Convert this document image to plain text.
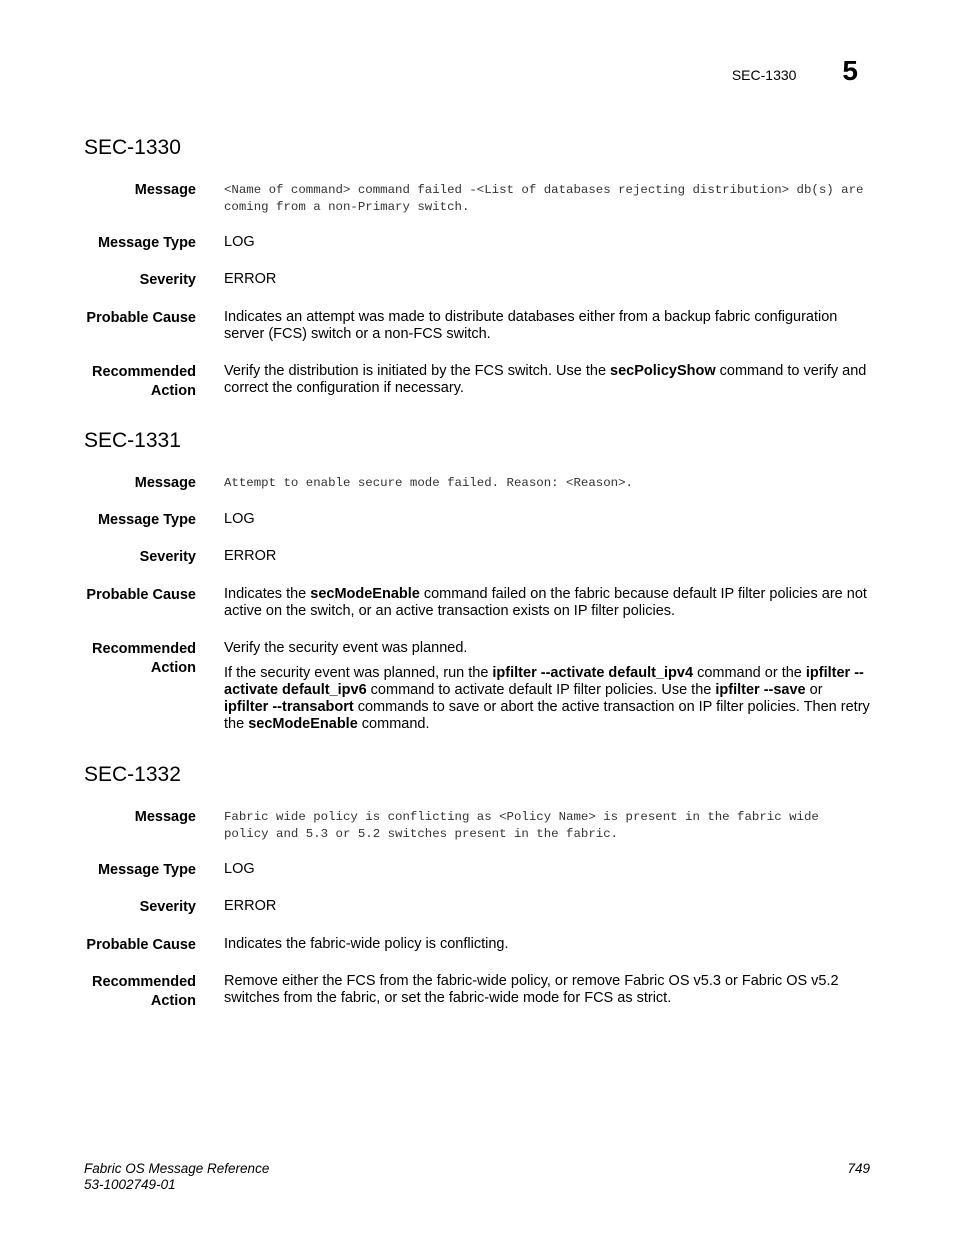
SEC-1330 5
SEC-1330
Message <Name of command> command failed -<List of databases rejecting distribution> db(s) are coming from a non-Primary switch.
Message Type LOG
Severity ERROR
Probable Cause Indicates an attempt was made to distribute databases either from a backup fabric configuration server (FCS) switch or a non-FCS switch.
Recommended
Action
Verify the distribution is initiated by the FCS switch. Use the secPolicyShow command to verify and correct the configuration if necessary.
SEC-1331
Message Attempt to enable secure mode failed. Reason: <Reason>.
Message Type LOG
Severity ERROR
Probable Cause Indicates the secModeEnable command failed on the fabric because default IP filter policies are not active on the switch, or an active transaction exists on IP filter policies.
Recommended
Action

Verify the security event was planned.

If the security event was planned, run the ipfilter --activate default_ipv4 command or the ipfilter --activate default_ipv6 command to activate default IP filter policies. Use the ipfilter --save or ipfilter --transabort commands to save or abort the active transaction on IP filter policies. Then retry the secModeEnable command.

SEC-1332
Message Fabric wide policy is conflicting as <Policy Name> is present in the fabric wide policy and 5.3 or 5.2 switches present in the fabric.
Message Type LOG
Severity ERROR
Probable Cause Indicates the fabric-wide policy is conflicting.
Recommended
Action
Remove either the FCS from the fabric-wide policy, or remove Fabric OS v5.3 or Fabric OS v5.2 switches from the fabric, or set the fabric-wide mode for FCS as strict.
Fabric OS Message Reference
53-1002749-01
749
